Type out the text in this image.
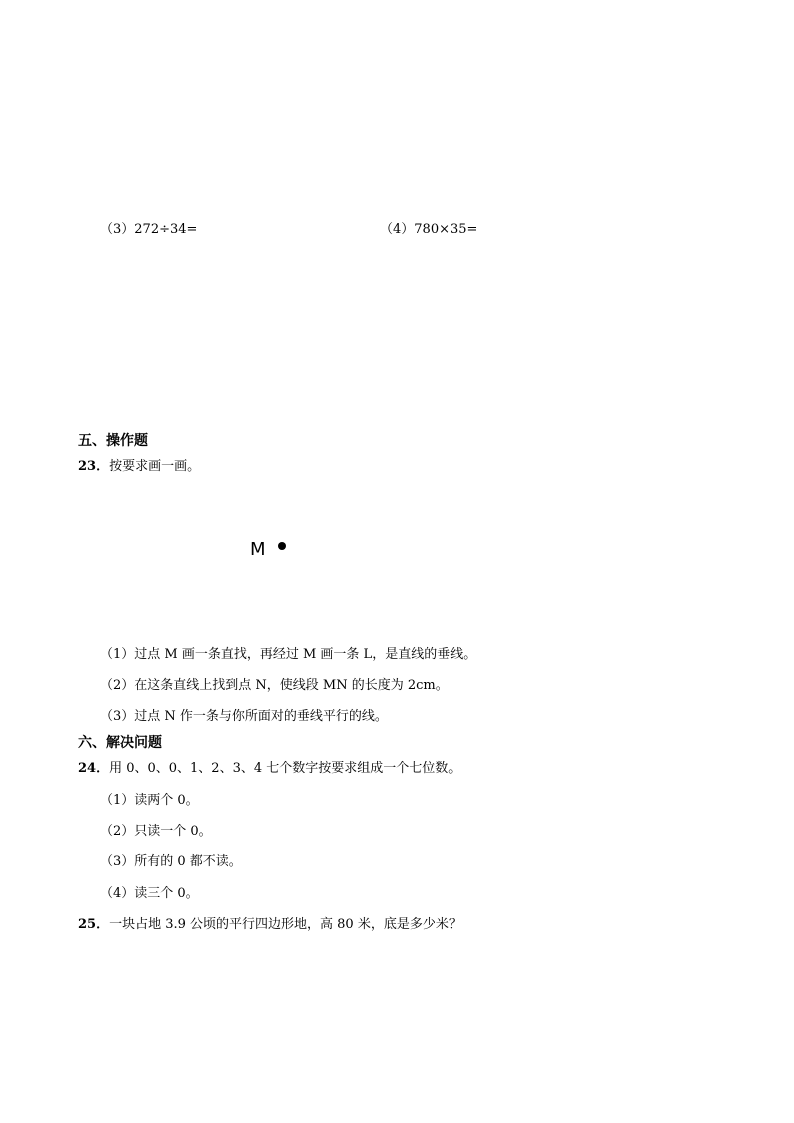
（3）272÷34=	（4）780×35=
五、操作题
23．按要求画一画。
M
（1）过点 M 画一条直找，再经过 M 画一条 L，是直线的垂线。
（2）在这条直线上找到点 N，使线段 MN 的长度为 2cm。
（3）过点 N 作一条与你所面对的垂线平行的线。
六、解决问题
24．用 0、0、0、1、2、3、4 七个数字按要求组成一个七位数。
（1）读两个 0。
（2）只读一个 0。
（3）所有的 0 都不读。
（4）读三个 0。
25．一块占地 3.9 公顷的平行四边形地，高 80 米，底是多少米？
